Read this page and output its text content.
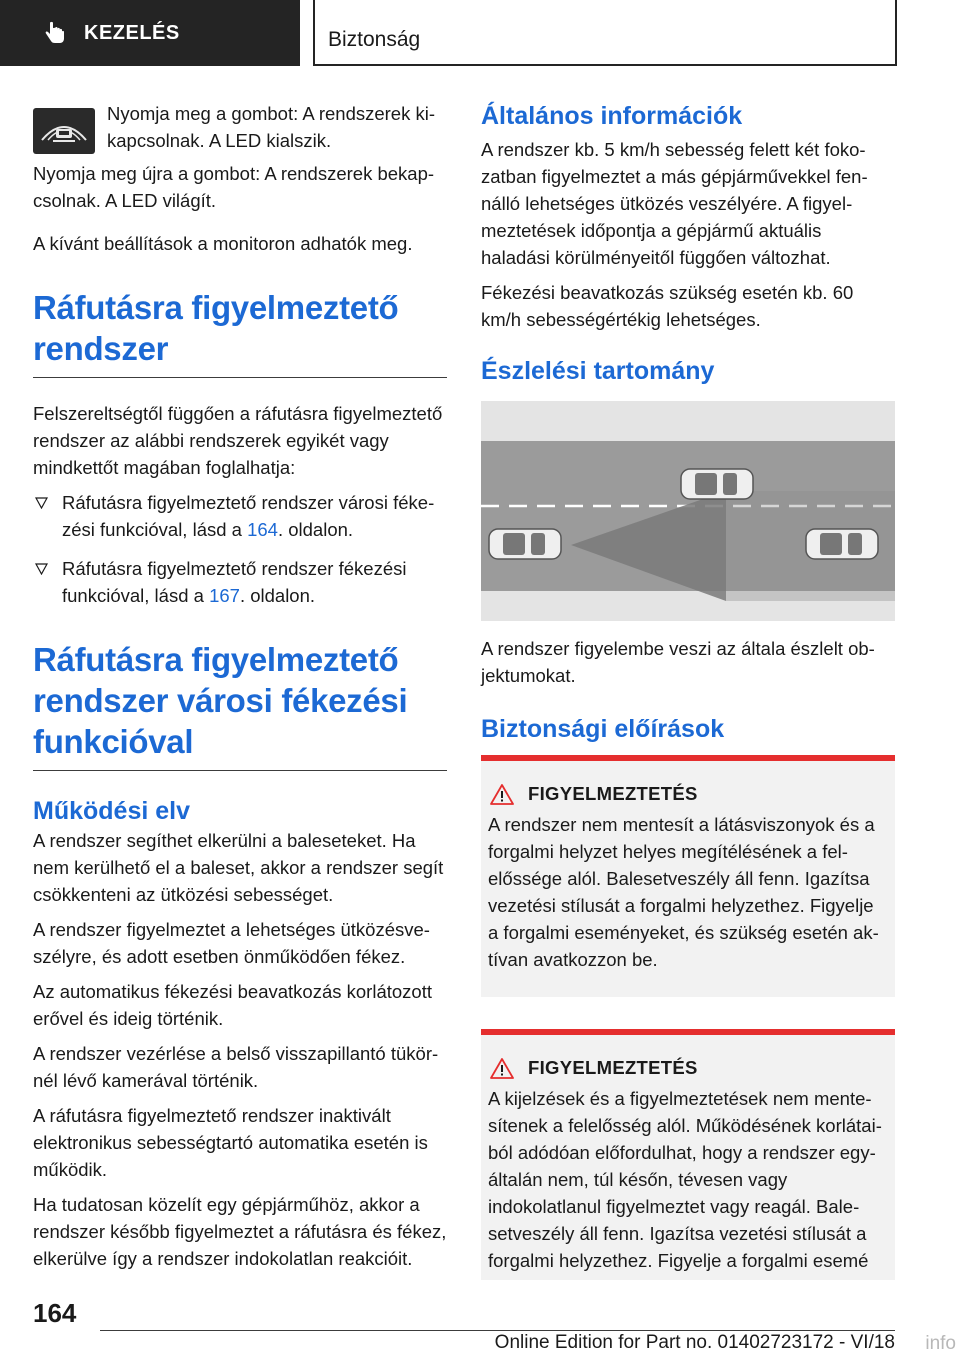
KEZELÉS	Biztonság

Nyomja meg a gombot: A rendszerek kikapcsolnak. A LED kialszik.

Nyomja meg újra a gombot: A rendszerek bekapcsolnak. A LED világít.

A kívánt beállítások a monitoron adhatók meg.

Ráfutásra figyelmeztető rendszer

Felszereltségtől függően a ráfutásra figyelmeztető rendszer az alábbi rendszerek egyikét vagy mindkettőt magában foglalhatja:

Ráfutásra figyelmeztető rendszer városi fékezési funkcióval, lásd a 164. oldalon.
Ráfutásra figyelmeztető rendszer fékezési funkcióval, lásd a 167. oldalon.
Ráfutásra figyelmeztető rendszer városi fékezési funkcióval
Működési elv

A rendszer segíthet elkerülni a baleseteket. Ha nem kerülhető el a baleset, akkor a rendszer segít csökkenteni az ütközési sebességet.

A rendszer figyelmeztet a lehetséges ütközésveszélyre, és adott esetben önműködően fékez.

Az automatikus fékezési beavatkozás korlátozott erővel és ideig történik.

A rendszer vezérlése a belső visszapillantó tükörnél lévő kamerával történik.

A ráfutásra figyelmeztető rendszer inaktivált elektronikus sebességtartó automatika esetén is működik.

Ha tudatosan közelít egy gépjárműhöz, akkor a rendszer később figyelmeztet a ráfutásra és fékez, elkerülve így a rendszer indokolatlan reakcióit.

Általános információk

A rendszer kb. 5 km/h sebesség felett két fokozatban figyelmeztet a más gépjárművekkel fennálló lehetséges ütközés veszélyére. A figyelmeztetések időpontja a gépjármű aktuális haladási körülményeitől függően változhat.

Fékezési beavatkozás szükség esetén kb. 60 km/h sebességértékig lehetséges.

Észlelési tartomány

A rendszer figyelembe veszi az általa észlelt objektumokat.

Biztonsági előírások
FIGYELMEZTETÉS

A rendszer nem mentesít a látásviszonyok és a forgalmi helyzet helyes megítélésének a felelőssége alól. Balesetveszély áll fenn. Igazítsa vezetési stílusát a forgalmi helyzethez. Figyelje a forgalmi eseményeket, és szükség esetén aktívan avatkozzon be.

FIGYELMEZTETÉS

A kijelzések és a figyelmeztetések nem mentesítenek a felelősség alól. Működésének korlátaiból adódóan előfordulhat, hogy a rendszer egyáltalán nem, túl későn, tévesen vagy indokolatlanul figyelmeztet vagy reagál. Balesetveszély áll fenn. Igazítsa vezetési stílusát a forgalmi helyzethez. Figyelje a forgalmi esemé

164
Online Edition for Part no. 01402723172 - VI/18 info
